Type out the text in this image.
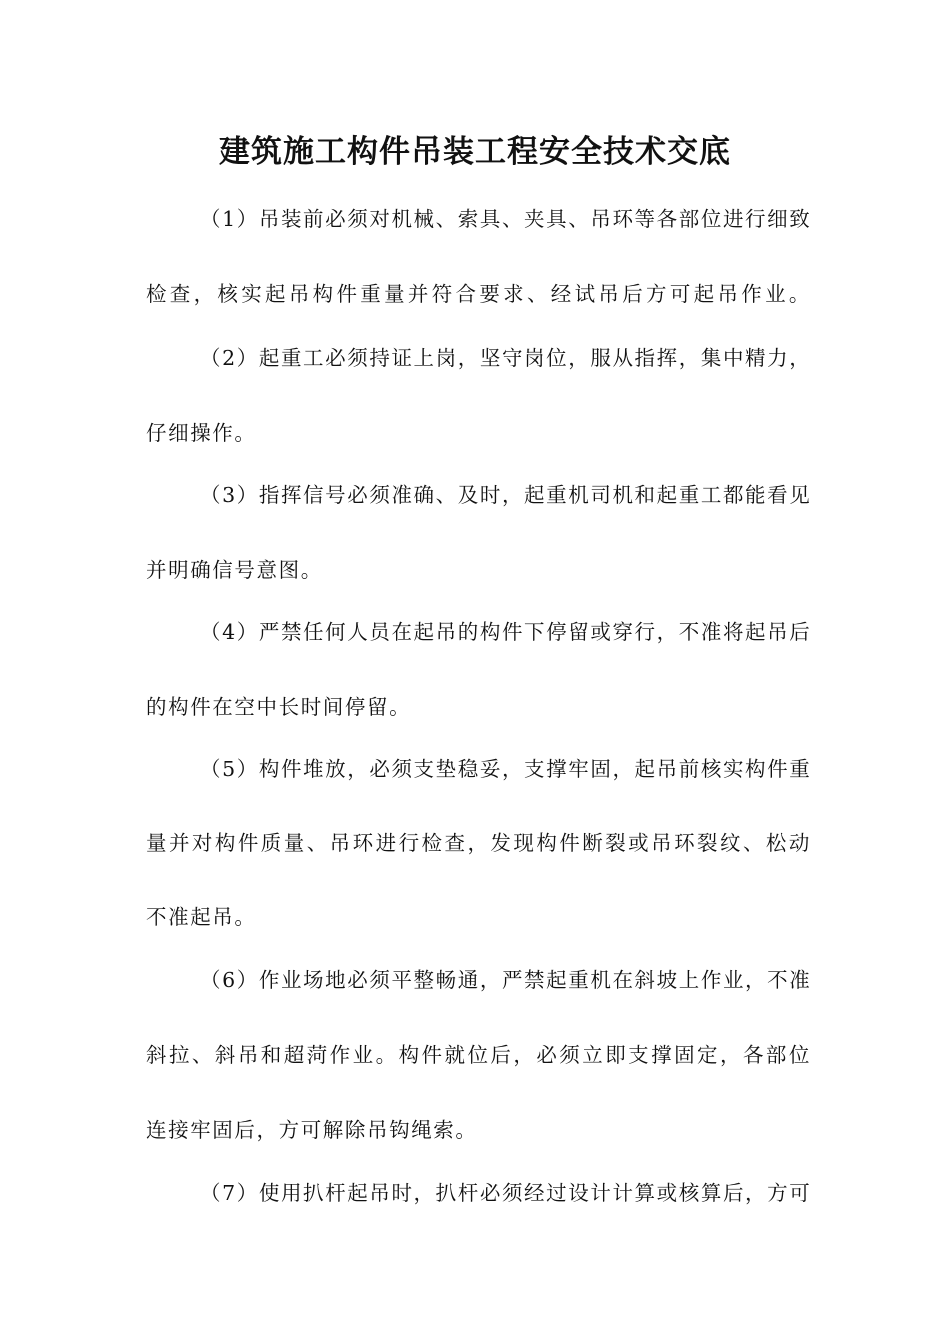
建筑施工构件吊装工程安全技术交底
（1）吊装前必须对机械、索具、夹具、吊环等各部位进行细致
检查，核实起吊构件重量并符合要求、经试吊后方可起吊作业。
（2）起重工必须持证上岗，坚守岗位，服从指挥，集中精力，
仔细操作。
（3）指挥信号必须准确、及时，起重机司机和起重工都能看见
并明确信号意图。
（4）严禁任何人员在起吊的构件下停留或穿行，不准将起吊后
的构件在空中长时间停留。
（5）构件堆放，必须支垫稳妥，支撑牢固，起吊前核实构件重
量并对构件质量、吊环进行检查，发现构件断裂或吊环裂纹、松动
不准起吊。
（6）作业场地必须平整畅通，严禁起重机在斜坡上作业，不准
斜拉、斜吊和超菏作业。构件就位后，必须立即支撑固定，各部位
连接牢固后，方可解除吊钩绳索。
（7）使用扒杆起吊时，扒杆必须经过设计计算或核算后，方可
